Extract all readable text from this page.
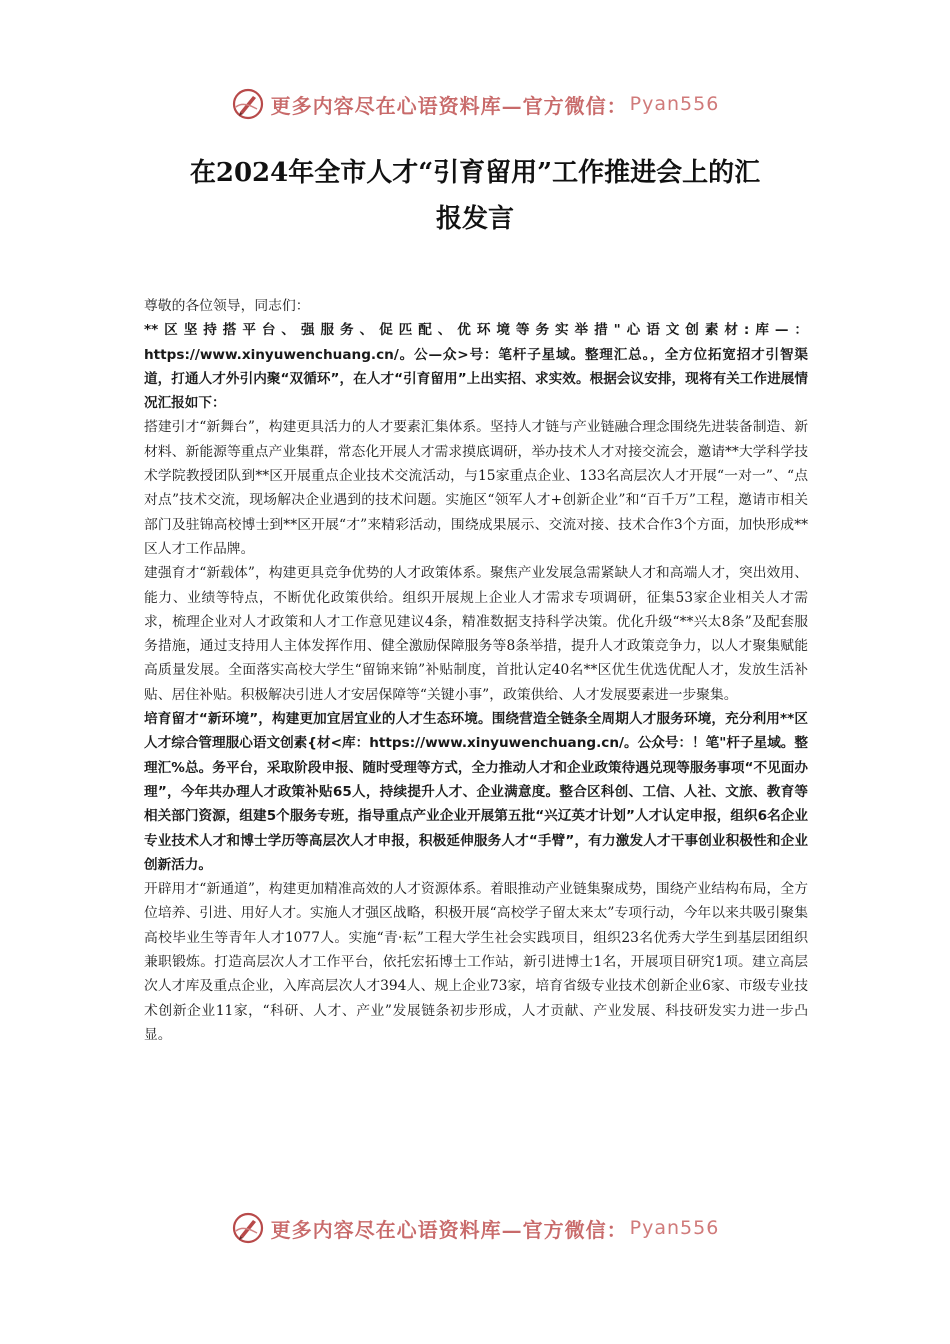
更多内容尽在心语资料库—官方微信： Pyan556
在2024年全市人才“引育留用”工作推进会上的汇
报发言

尊敬的各位领导，同志们：

**区坚持搭平台、强服务、促匹配、优环境等务实举措"心语文创素材:库—：https://www.xinyuwenchuang.cn/。公—众>号：笔杆子星域。整理汇总。，全方位拓宽招才引智渠道，打通人才外引内聚“双循环”，在人才“引育留用”上出实招、求实效。根据会议安排，现将有关工作进展情况汇报如下：

搭建引才“新舞台”，构建更具活力的人才要素汇集体系。坚持人才链与产业链融合理念围绕先进装备制造、新材料、新能源等重点产业集群，常态化开展人才需求摸底调研，举办技术人才对接交流会，邀请**大学科学技术学院教授团队到**区开展重点企业技术交流活动，与15家重点企业、133名高层次人才开展“一对一”、“点对点”技术交流，现场解决企业遇到的技术问题。实施区“领军人才+创新企业”和“百千万”工程，邀请市相关部门及驻锦高校博士到**区开展“才”来精彩活动，围绕成果展示、交流对接、技术合作3个方面，加快形成**区人才工作品牌。

建强育才“新载体”，构建更具竞争优势的人才政策体系。聚焦产业发展急需紧缺人才和高端人才，突出效用、能力、业绩等特点，不断优化政策供给。组织开展规上企业人才需求专项调研，征集53家企业相关人才需求，梳理企业对人才政策和人才工作意见建议4条，精准数据支持科学决策。优化升级“**兴太8条”及配套服务措施，通过支持用人主体发挥作用、健全激励保障服务等8条举措，提升人才政策竞争力，以人才聚集赋能高质量发展。全面落实高校大学生“留锦来锦”补贴制度，首批认定40名**区优生优选优配人才，发放生活补贴、居住补贴。积极解决引进人才安居保障等“关键小事”，政策供给、人才发展要素进一步聚集。

培育留才“新环境”，构建更加宜居宜业的人才生态环境。围绕营造全链条全周期人才服务环境，充分利用**区人才综合管理服心语文创素{材<库：https://www.xinyuwenchuang.cn/。公众号：！笔"杆子星域。整理汇%总。务平台，采取阶段申报、随时受理等方式，全力推动人才和企业政策待遇兑现等服务事项“不见面办理”，今年共办理人才政策补贴65人，持续提升人才、企业满意度。整合区科创、工信、人社、文旅、教育等相关部门资源，组建5个服务专班，指导重点产业企业开展第五批“兴辽英才计划”人才认定申报，组织6名企业专业技术人才和博士学历等高层次人才申报，积极延伸服务人才“手臂”，有力激发人才干事创业积极性和企业创新活力。

开辟用才“新通道”，构建更加精准高效的人才资源体系。着眼推动产业链集聚成势，围绕产业结构布局，全方位培养、引进、用好人才。实施人才强区战略，积极开展“高校学子留太来太”专项行动，今年以来共吸引聚集高校毕业生等青年人才1077人。实施“青·耘”工程大学生社会实践项目，组织23名优秀大学生到基层团组织兼职锻炼。打造高层次人才工作平台，依托宏拓博士工作站，新引进博士1名，开展项目研究1项。建立高层次人才库及重点企业，入库高层次人才394人、规上企业73家，培育省级专业技术创新企业6家、市级专业技术创新企业11家，“科研、人才、产业”发展链条初步形成，人才贡献、产业发展、科技研发实力进一步凸显。

更多内容尽在心语资料库—官方微信： Pyan556
